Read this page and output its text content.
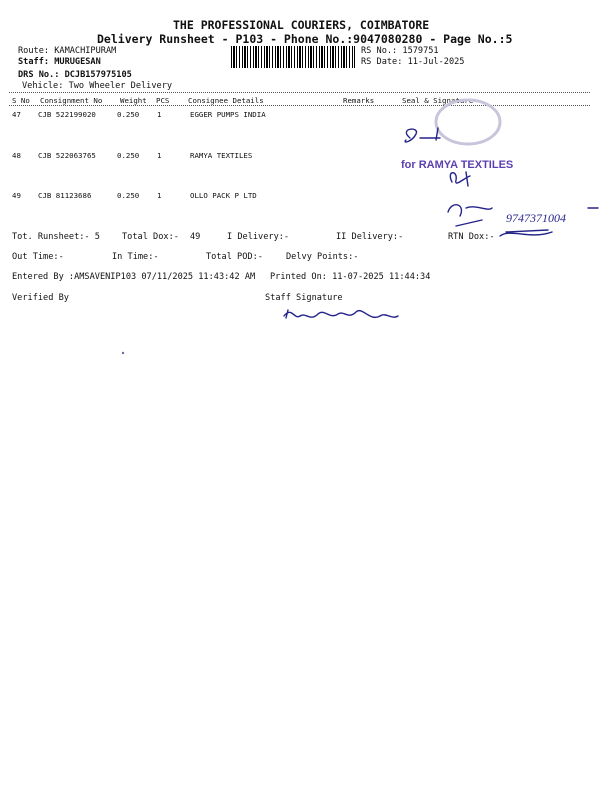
THE PROFESSIONAL COURIERS, COIMBATORE
Delivery Runsheet - P103 - Phone No.:9047080280 - Page No.:5
Route: KAMACHIPURAM
Staff: MURUGESAN
DRS No.: DCJB157975105
Vehicle: Two Wheeler Delivery
RS No.: 1579751
RS Date: 11-Jul-2025
S No Consignment No Weight PCS	Consignee Details	Remarks	Seal & Signature
47 CJB 522199020	0.250 1	EGGER PUMPS INDIA
48 CJB 522063765	0.250 1	RAMYA TEXTILES
49 CJB 81123686	0.250 1	OLLO PACK P LTD
Tot. Runsheet:- 5	Total Dox:- 49	I Delivery:-	II Delivery:-	RTN Dox:-
Out Time:-	In Time:-	Total POD:-	Delvy Points:-
Entered By :AMSAVENIP103 07/11/2025 11:43:42 AM Printed On: 11-07-2025 11:44:34
Verified By	Staff Signature
for RAMYA TEXTILES
9747371004
